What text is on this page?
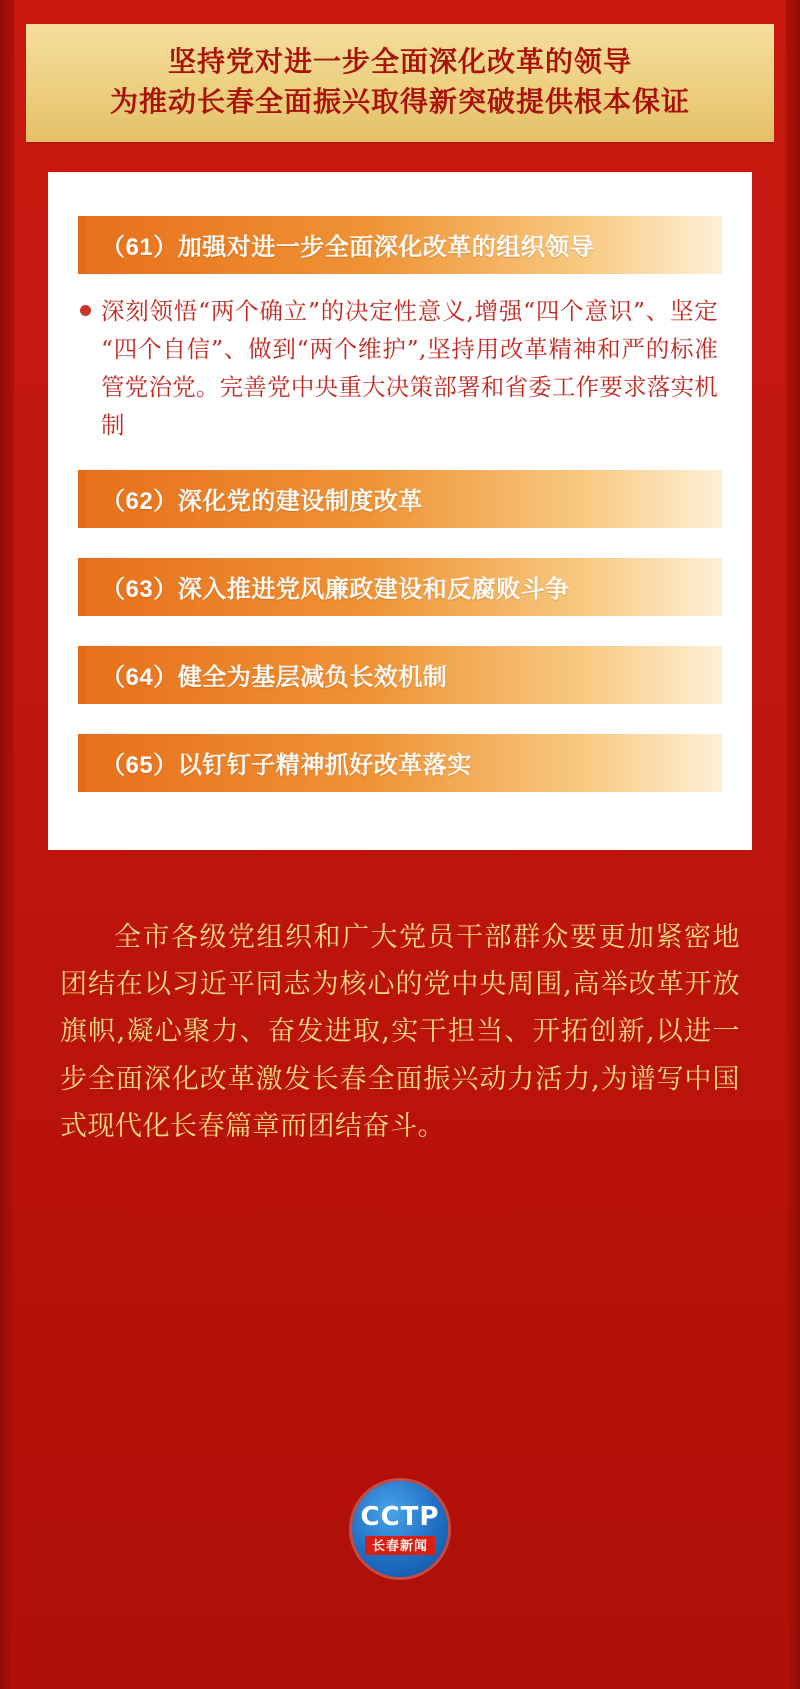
坚持党对进一步全面深化改革的领导
为推动长春全面振兴取得新突破提供根本保证
（61）加强对进一步全面深化改革的组织领导
深刻领悟“两个确立”的决定性意义,增强“四个意识”、坚定“四个自信”、做到“两个维护”,坚持用改革精神和严的标准管党治党。完善党中央重大决策部署和省委工作要求落实机制
（62）深化党的建设制度改革
（63）深入推进党风廉政建设和反腐败斗争
（64）健全为基层减负长效机制
（65）以钉钉子精神抓好改革落实
全市各级党组织和广大党员干部群众要更加紧密地团结在以习近平同志为核心的党中央周围,高举改革开放旗帜,凝心聚力、奋发进取,实干担当、开拓创新,以进一步全面深化改革激发长春全面振兴动力活力,为谱写中国式现代化长春篇章而团结奋斗。
CCTP
长春新闻
